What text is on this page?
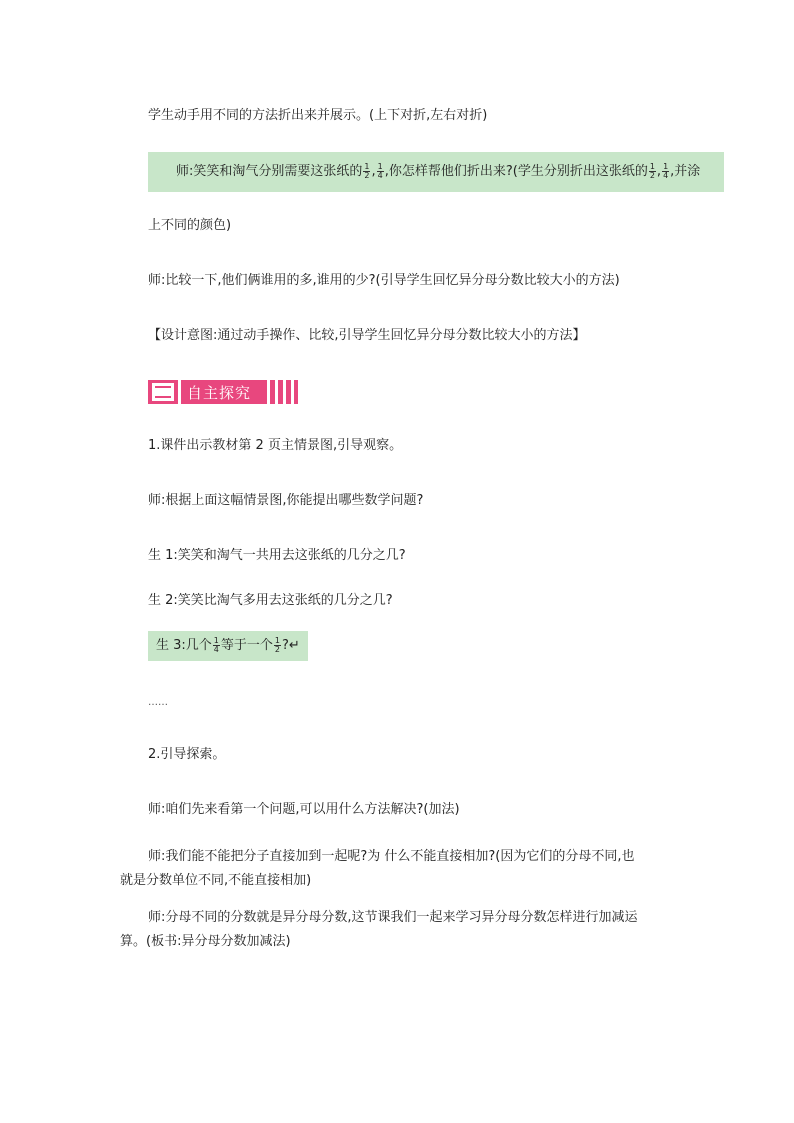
学生动手用不同的方法折出来并展示。(上下对折,左右对折)
师:笑笑和淘气分别需要这张纸的 $\frac{1}{2}$ , $\frac{1}{4}$ ,你怎样帮他们折出来?(学生分别折出这张纸的 $\frac{1}{2}$ , $\frac{1}{4}$ ,并涂
上不同的颜色)
师:比较一下,他们俩谁用的多,谁用的少?(引导学生回忆异分母分数比较大小的方法)
【设计意图:通过动手操作、比较,引导学生回忆异分母分数比较大小的方法】
自主探究
1.课件出示教材第 2 页主情景图,引导观察。
师:根据上面这幅情景图,你能提出哪些数学问题?
生 1:笑笑和淘气一共用去这张纸的几分之几?
生 2:笑笑比淘气多用去这张纸的几分之几?
生 3:几个 $\frac{1}{4}$ 等于一个 $\frac{1}{2}$ ?↵
……
2.引导探索。
师:咱们先来看第一个问题,可以用什么方法解决?(加法)
师:我们能不能把分子直接加到一起呢?为 什么不能直接相加?(因为它们的分母不同,也
就是分数单位不同,不能直接相加)
师:分母不同的分数就是异分母分数,这节课我们一起来学习异分母分数怎样进行加减运
算。(板书:异分母分数加减法)
